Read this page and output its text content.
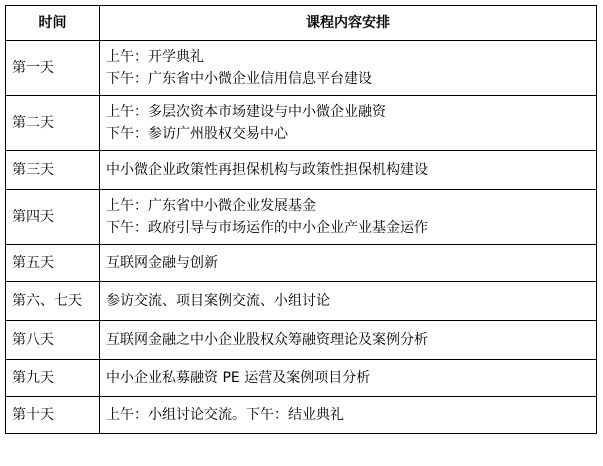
时间	课程内容安排
第一天	上午：开学典礼
下午：广东省中小微企业信用信息平台建设

第二天	上午：多层次资本市场建设与中小微企业融资
下午：参访广州股权交易中心

第三天	中小微企业政策性再担保机构与政策性担保机构建设

第四天	上午：广东省中小微企业发展基金
下午：政府引导与市场运作的中小企业产业基金运作

第五天	互联网金融与创新

第六、七天	参访交流、项目案例交流、小组讨论

第八天	互联网金融之中小企业股权众筹融资理论及案例分析

第九天	中小企业私募融资 PE 运营及案例项目分析

第十天	上午：小组讨论交流。下午：结业典礼
